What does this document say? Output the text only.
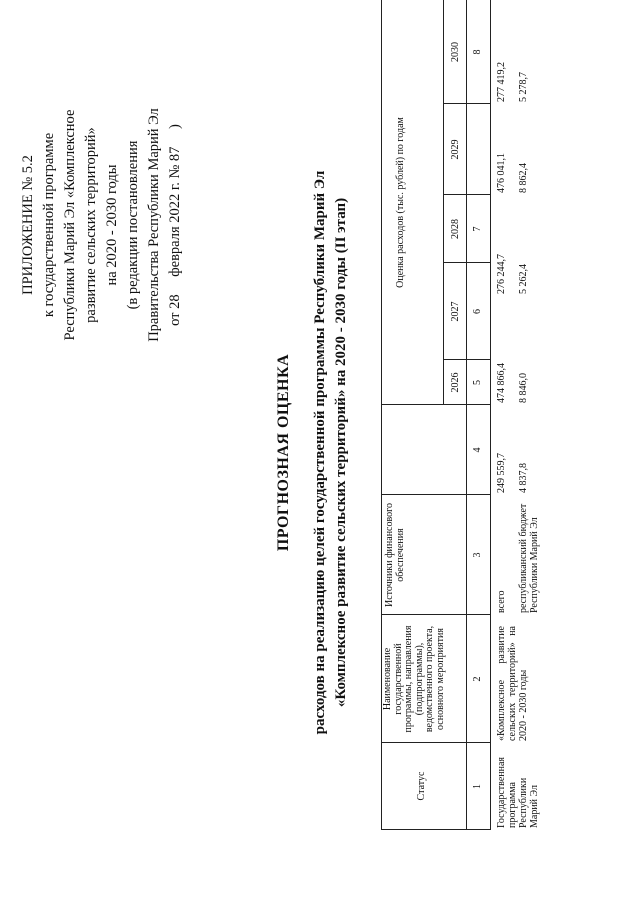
ПРИЛОЖЕНИЕ № 5.2 к государственной программе Республики Марий Эл «Комплексное развитие сельских территорий» на 2020 - 2030 годы (в редакции постановления Правительства Республики Марий Эл от 28 февраля 2022 г. № 87 )
ПРОГНОЗНАЯ ОЦЕНКА расходов на реализацию целей государственной программы Республики Марий Эл «Комплексное развитие сельских территорий» на 2020 - 2030 годы (II этап)
Статус
Наименование государственной программы, направления (подпрограммы), ведомственного проекта, основного мероприятия
Источники финансового обеспечения
Оценка расходов (тыс. рублей) по годам
2026
2027
2028
2029
2030
1
2
3
4
5
6
7
8
Государственная программа Республики Марий Эл
«Комплексное развитие сельских территорий» на 2020 - 2030 годы
всего
249 559,7
474 866,4
276 244,7
476 041,1
277 419,2
республиканский бюджет Республики Марий Эл
4 837,8
8 846,0
5 262,4
8 862,4
5 278,7
